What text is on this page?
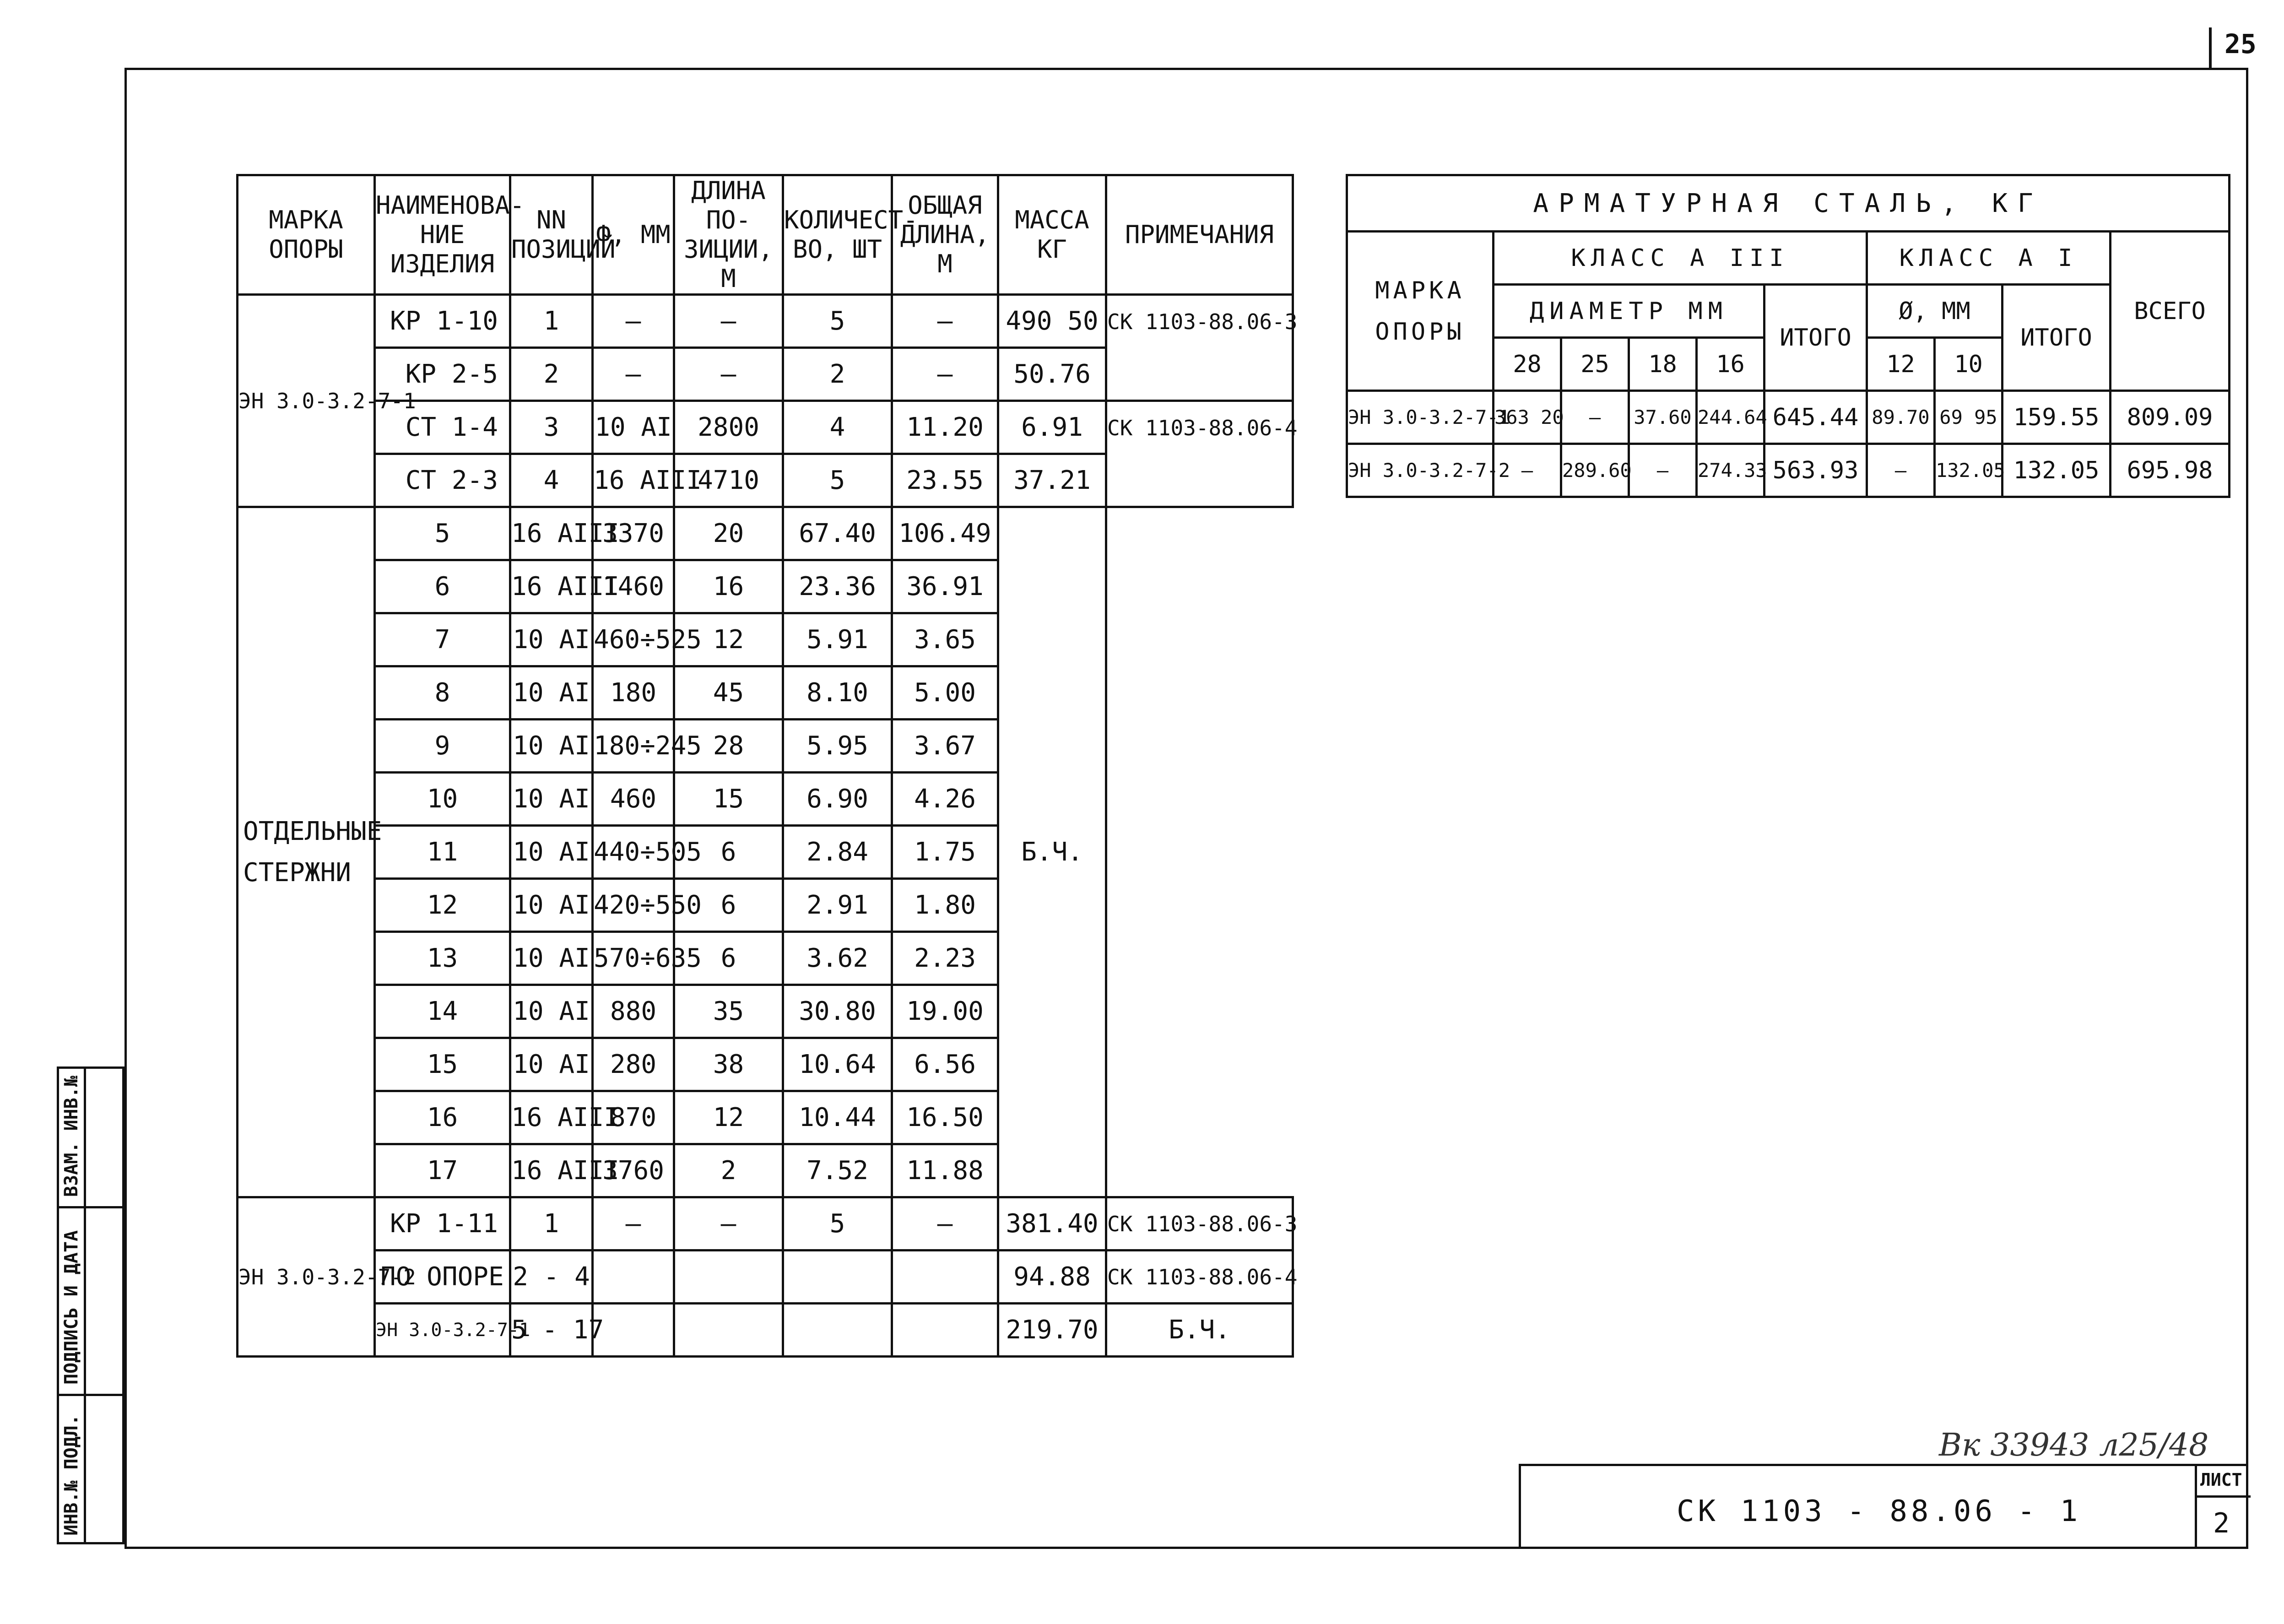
25
МАРКА ОПОРЫ	НАИМЕНОВА-НИЕ ИЗДЕЛИЯ	NN ПОЗИЦИЙ	Ф, ММ	ДЛИНА ПО-ЗИЦИИ, М	КОЛИЧЕСТ-ВО, ШТ	ОБЩАЯ ДЛИНА, М	МАССА КГ	ПРИМЕЧАНИЯ
ЭН 3.0-3.2-7-1	КР 1-10	1	—	—	5	—	490 50	СК 1103-88.06-3
	КР 2-5	2	—	—	2	—	50.76	
	СТ 1-4	3	10 АI	2800	4	11.20	6.91	СК 1103-88.06-4
	СТ 2-3	4	16 АIII	4710	5	23.55	37.21	
ОТДЕЛЬНЫЕ СТЕРЖНИ	5	16 АIII	3370	20	67.40	106.49	Б.Ч.	
	6	16 АIII	1460	16	23.36	36.91		
	7	10 АI	460÷525	12	5.91	3.65		
	8	10 АI	180	45	8.10	5.00		
	9	10 АI	180÷245	28	5.95	3.67		
	10	10 АI	460	15	6.90	4.26		
	11	10 АI	440÷505	6	2.84	1.75		
	12	10 АI	420÷550	6	2.91	1.80		
	13	10 АI	570÷635	6	3.62	2.23		
	14	10 АI	880	35	30.80	19.00		
	15	10 АI	280	38	10.64	6.56		
	16	16 АIII	870	12	10.44	16.50		
	17	16 АIII	3760	2	7.52	11.88		
ЭН 3.0-3.2-7-2	КР 1-11	1	—	—	5	—	381.40	СК 1103-88.06-3
	ПО ОПОРЕ	2 - 4					94.88	СК 1103-88.06-4
	ЭН 3.0-3.2-7-1	5 - 17					219.70	Б.Ч.
АРМАТУРНАЯ СТАЛЬ, КГ									
МАРКА ОПОРЫ	КЛАСС А III					КЛАСС А I			ВСЕГО
	ДИАМЕТР ММ				ИТОГО	Ø, ММ		ИТОГО	
	28	25	18	16		12	10		
ЭН 3.0-3.2-7-1	363 20	—	37.60	244.64	645.44	89.70	69 95	159.55	809.09
ЭН 3.0-3.2-7-2	—	289.60	—	274.33	563.93	—	132.05	132.05	695.98
ИНВ.№ ПОДЛ.
ПОДПИСЬ И ДАТА
ВЗАМ. ИНВ.№
Вк 33943 л25/48
СК 1103 - 88.06 - 1
ЛИСТ
2
